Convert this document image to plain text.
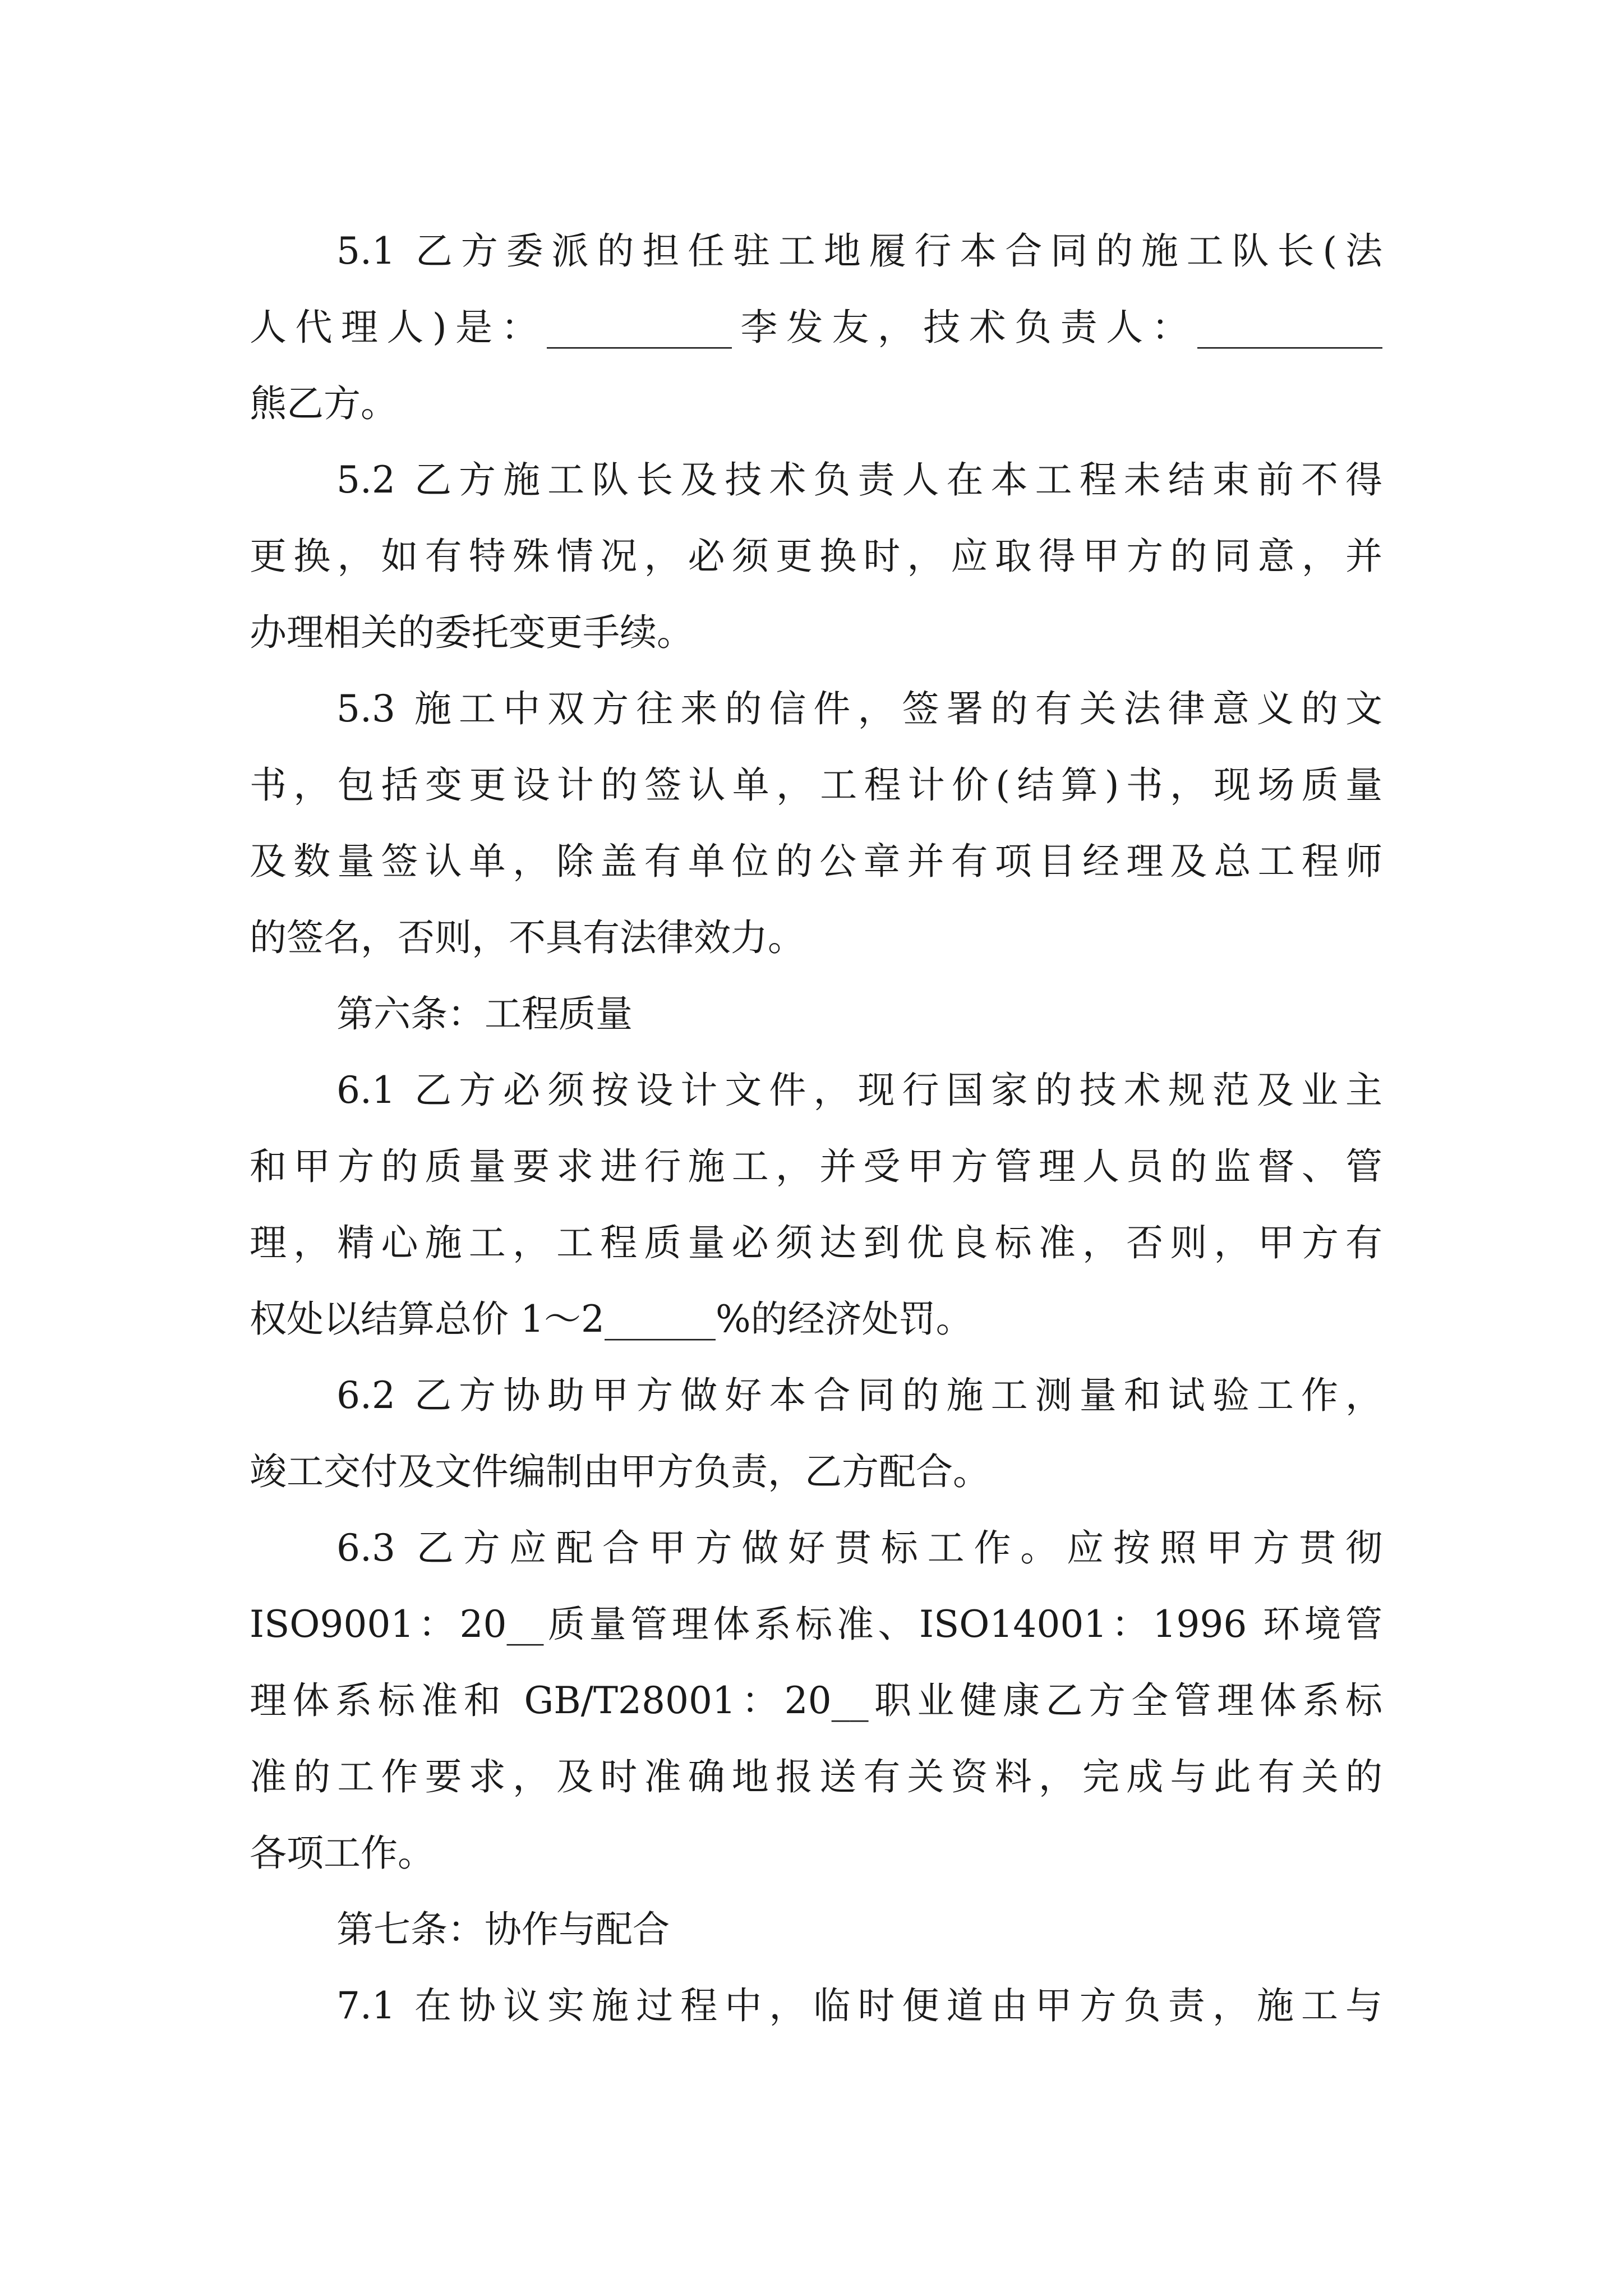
5.1 乙方委派的担任驻工地履行本合同的施工队长(法
人代理人)是：__________李发友，技术负责人：__________
熊乙方。
5.2 乙方施工队长及技术负责人在本工程未结束前不得
更换，如有特殊情况，必须更换时，应取得甲方的同意，并
办理相关的委托变更手续。
5.3 施工中双方往来的信件，签署的有关法律意义的文
书，包括变更设计的签认单，工程计价(结算)书，现场质量
及数量签认单，除盖有单位的公章并有项目经理及总工程师
的签名，否则，不具有法律效力。
第六条：工程质量
6.1 乙方必须按设计文件，现行国家的技术规范及业主
和甲方的质量要求进行施工，并受甲方管理人员的监督、管
理，精心施工，工程质量必须达到优良标准，否则，甲方有
权处以结算总价 1～2______%的经济处罚。
6.2 乙方协助甲方做好本合同的施工测量和试验工作，
竣工交付及文件编制由甲方负责，乙方配合。
6.3 乙方应配合甲方做好贯标工作。应按照甲方贯彻
ISO9001：20__质量管理体系标准、ISO14001：1996 环境管
理体系标准和 GB/T28001：20__职业健康乙方全管理体系标
准的工作要求，及时准确地报送有关资料，完成与此有关的
各项工作。
第七条：协作与配合
7.1 在协议实施过程中，临时便道由甲方负责，施工与
